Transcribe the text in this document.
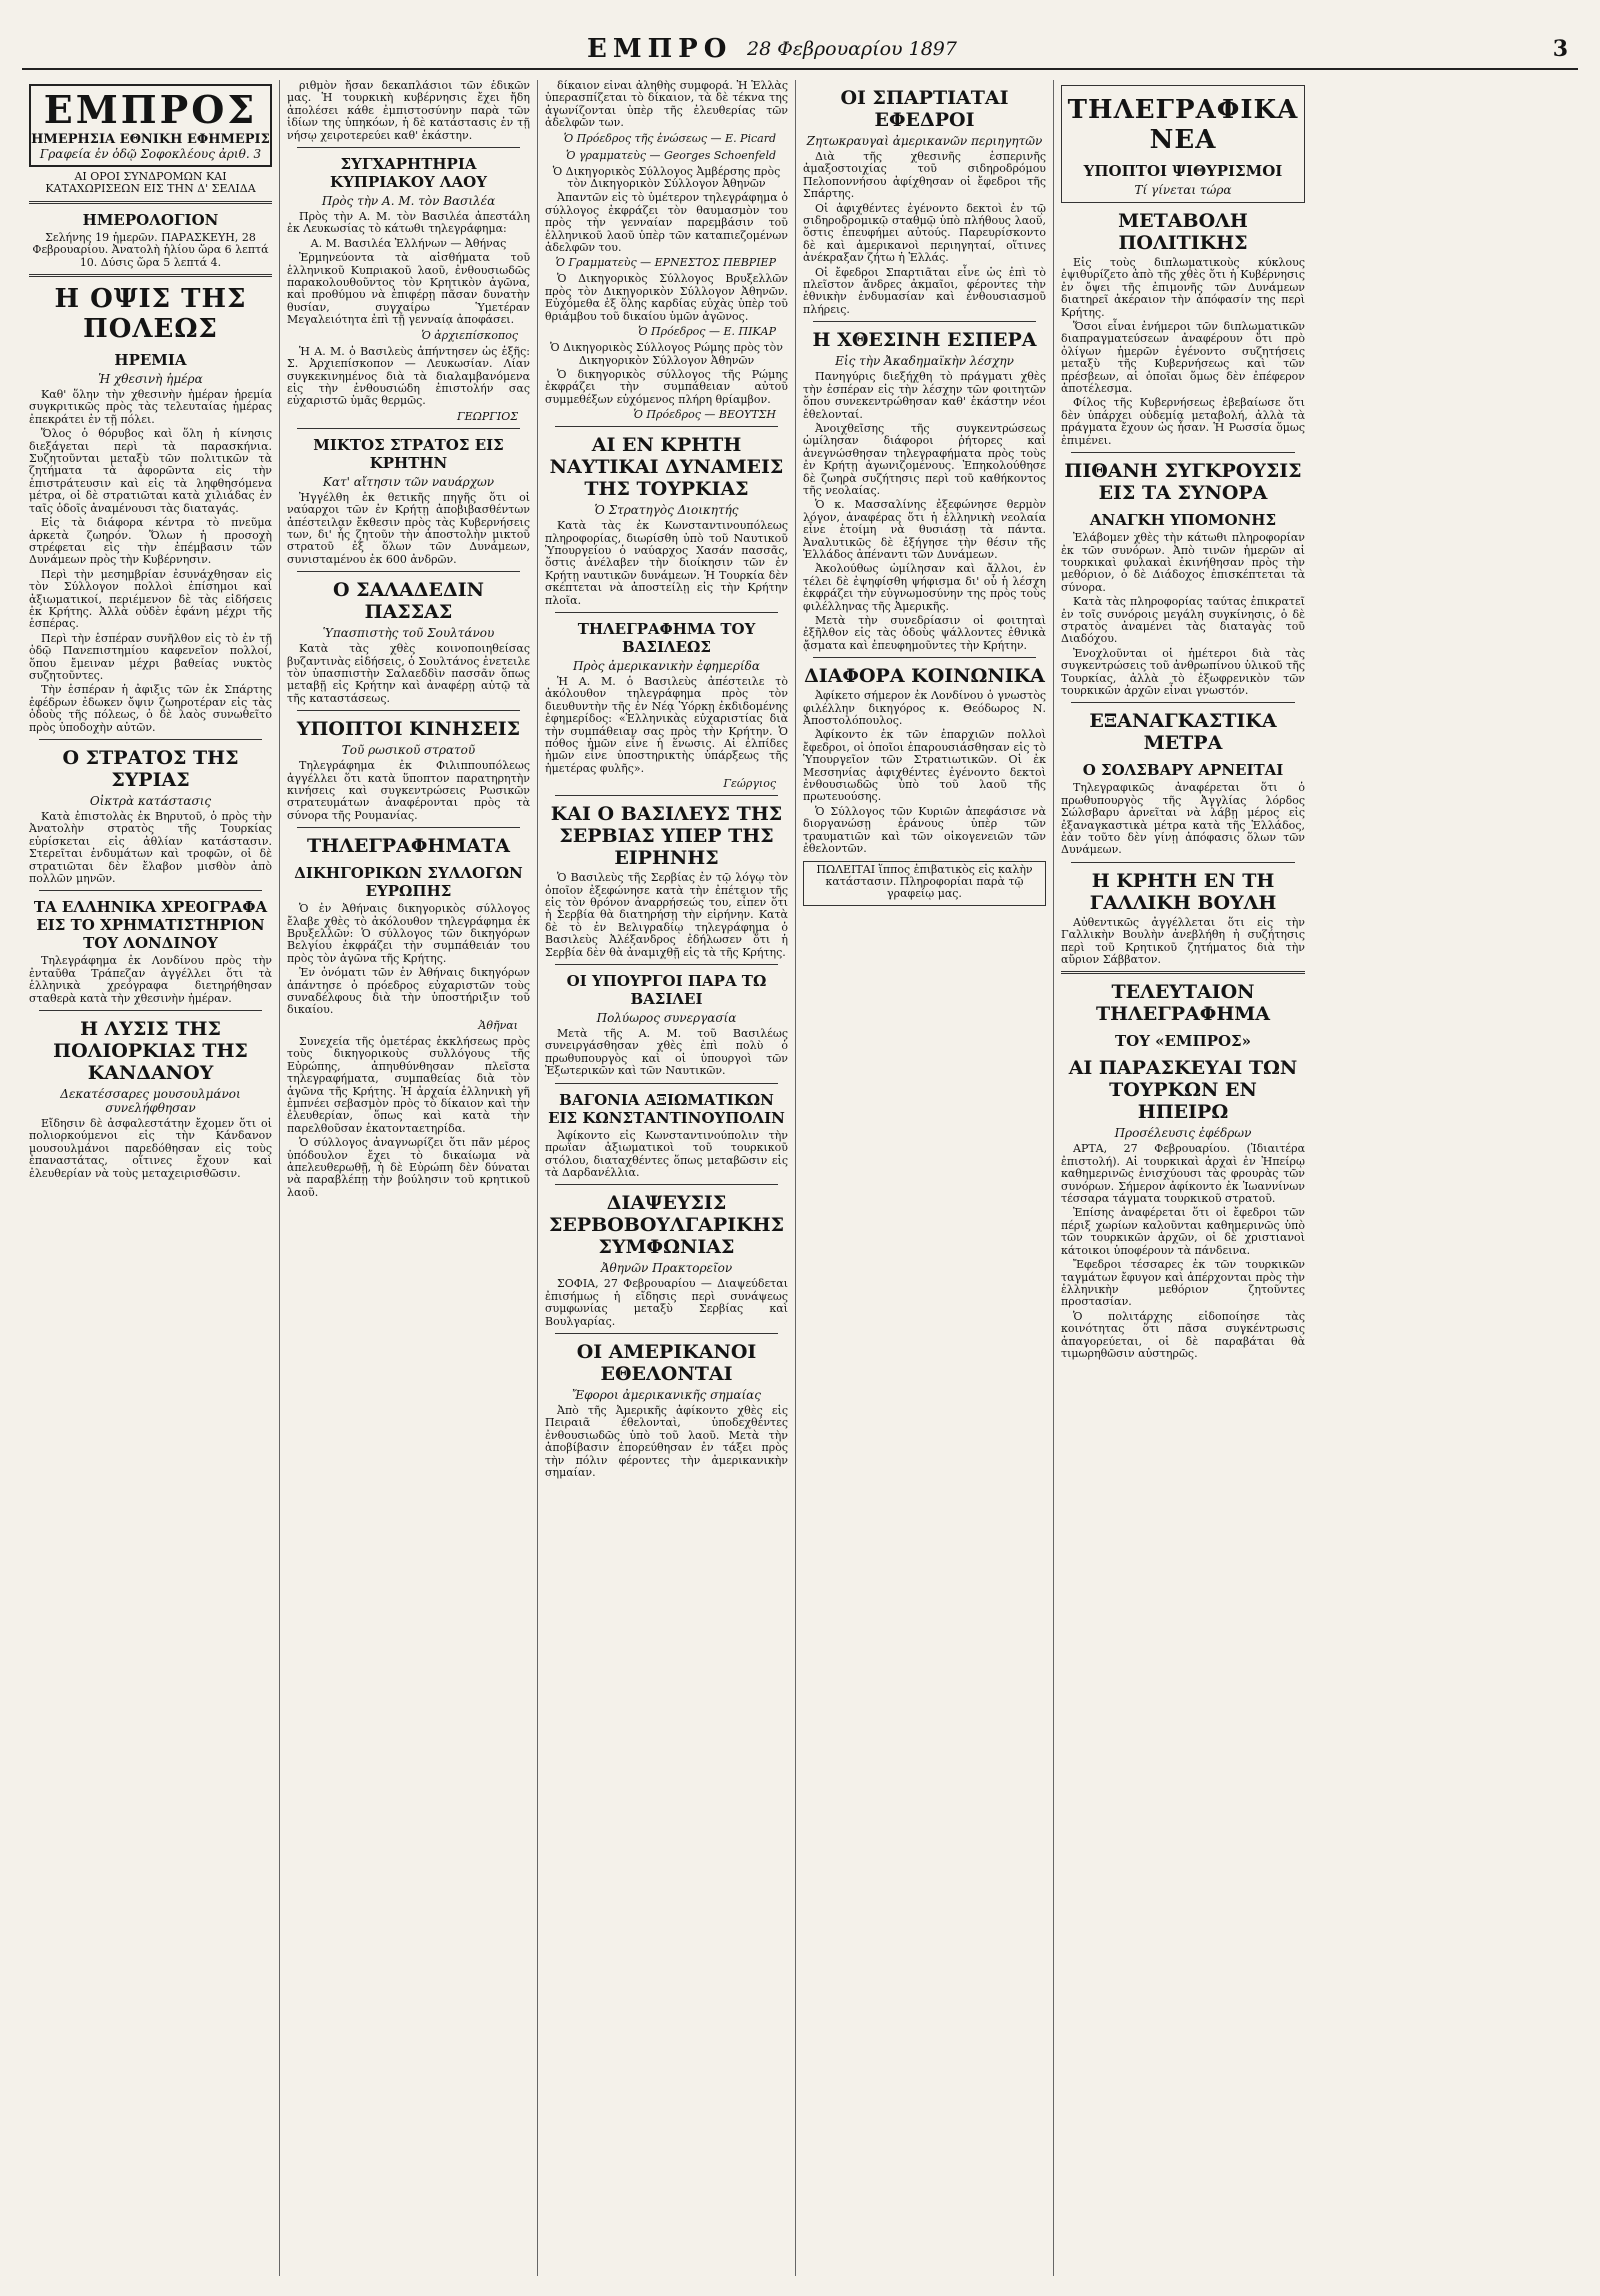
ΕΜΠΡΟ 28 Φεβρουαρίου 1897	3
ΕΜΠΡΟΣ
ΗΜΕΡΗΣΙΑ ΕΘΝΙΚΗ ΕΦΗΜΕΡΙΣ
Γραφεία ἐν ὁδῷ Σοφοκλέους ἀριθ. 3

ΑΙ ΟΡΟΙ ΣΥΝΔΡΟΜΩΝ ΚΑΙ ΚΑΤΑΧΩΡΙΣΕΩΝ ΕΙΣ ΤΗΝ Δ' ΣΕΛΙΔΑ

ΗΜΕΡΟΛΟΓΙΟΝ

Σελήνης 19 ἡμερῶν. ΠΑΡΑΣΚΕΥΗ, 28 Φεβρουαρίου. Ἀνατολὴ ἡλίου ὥρα 6 λεπτά 10. Δύσις ὥρα 5 λεπτά 4.

Η ΟΨΙΣ ΤΗΣ ΠΟΛΕΩΣ
ΗΡΕΜΙΑ
Ἡ χθεσινὴ ἡμέρα

Καθ' ὅλην τὴν χθεσινὴν ἡμέραν ἠρεμία συγκριτικῶς πρὸς τὰς τελευταίας ἡμέρας ἐπεκράτει ἐν τῇ πόλει.

Ὅλος ὁ θόρυβος καὶ ὅλη ἡ κίνησις διεξάγεται περὶ τὰ παρασκήνια. Συζητοῦνται μεταξὺ τῶν πολιτικῶν τὰ ζητήματα τὰ ἀφορῶντα εἰς τὴν ἐπιστράτευσιν καὶ εἰς τὰ ληφθησόμενα μέτρα, οἱ δὲ στρατιῶται κατὰ χιλιάδας ἐν ταῖς ὁδοῖς ἀναμένουσι τὰς διαταγάς.

Εἰς τὰ διάφορα κέντρα τὸ πνεῦμα ἀρκετὰ ζωηρόν. Ὅλων ἡ προσοχὴ στρέφεται εἰς τὴν ἐπέμβασιν τῶν Δυνάμεων πρὸς τὴν Κυβέρνησιν.

Περὶ τὴν μεσημβρίαν ἐσυνάχθησαν εἰς τὸν Σύλλογον πολλοὶ ἐπίσημοι καὶ ἀξιωματικοί, περιέμενον δὲ τὰς εἰδήσεις ἐκ Κρήτης. Ἀλλὰ οὐδὲν ἐφάνη μέχρι τῆς ἑσπέρας.

Περὶ τὴν ἑσπέραν συνῆλθον εἰς τὸ ἐν τῇ ὁδῷ Πανεπιστημίου καφενεῖον πολλοί, ὅπου ἔμειναν μέχρι βαθείας νυκτὸς συζητοῦντες.

Τὴν ἑσπέραν ἡ ἀφιξις τῶν ἐκ Σπάρτης ἐφέδρων ἐδωκεν ὄψιν ζωηροτέραν εἰς τὰς ὁδοὺς τῆς πόλεως, ὁ δὲ λαὸς συνωθεῖτο πρὸς ὑποδοχὴν αὐτῶν.

Ο ΣΤΡΑΤΟΣ ΤΗΣ ΣΥΡΙΑΣ
Οἰκτρὰ κατάστασις

Κατὰ ἐπιστολὰς ἐκ Βηρυτοῦ, ὁ πρὸς τὴν Ἀνατολὴν στρατὸς τῆς Τουρκίας εὑρίσκεται εἰς ἀθλίαν κατάστασιν. Στερεῖται ἐνδυμάτων καὶ τροφῶν, οἱ δὲ στρατιῶται δὲν ἔλαβον μισθὸν ἀπὸ πολλῶν μηνῶν.

ΤΑ ΕΛΛΗΝΙΚΑ ΧΡΕΟΓΡΑΦΑ ΕΙΣ ΤΟ ΧΡΗΜΑΤΙΣΤΗΡΙΟΝ ΤΟΥ ΛΟΝΔΙΝΟΥ

Τηλεγράφημα ἐκ Λονδίνου πρὸς τὴν ἐνταῦθα Τράπεζαν ἀγγέλλει ὅτι τὰ ἑλληνικὰ χρεόγραφα διετηρήθησαν σταθερὰ κατὰ τὴν χθεσινὴν ἡμέραν.

Η ΛΥΣΙΣ ΤΗΣ ΠΟΛΙΟΡΚΙΑΣ ΤΗΣ ΚΑΝΔΑΝΟΥ
Δεκατέσσαρες μουσουλμάνοι συνελήφθησαν

Εἴδησιν δὲ ἀσφαλεστάτην ἔχομεν ὅτι οἱ πολιορκούμενοι εἰς τὴν Κάνδανον μουσουλμάνοι παρεδόθησαν εἰς τοὺς ἐπαναστάτας, οἵτινες ἔχουν καὶ ἐλευθερίαν νὰ τοὺς μεταχειρισθῶσιν.

ριθμὸν ἤσαν δεκαπλάσιοι τῶν ἐδικῶν μας. Ἡ τουρκικὴ κυβέρνησις ἔχει ἤδη ἀπολέσει κάθε ἐμπιστοσύνην παρὰ τῶν ἰδίων της ὑπηκόων, ἡ δὲ κατάστασις ἐν τῇ νήσῳ χειροτερεύει καθ' ἑκάστην.

ΣΥΓΧΑΡΗΤΗΡΙΑ ΚΥΠΡΙΑΚΟΥ ΛΑΟΥ
Πρὸς τὴν Α. Μ. τὸν Βασιλέα

Πρὸς τὴν Α. Μ. τὸν Βασιλέα ἀπεστάλη ἐκ Λευκωσίας τὸ κάτωθι τηλεγράφημα:

Α. Μ. Βασιλέα Ἑλλήνων — Ἀθήνας

Ἐρμηνεύοντα τὰ αἰσθήματα τοῦ ἑλληνικοῦ Κυπριακοῦ λαοῦ, ἐνθουσιωδῶς παρακολουθοῦντος τὸν Κρητικὸν ἀγῶνα, καὶ προθύμου νὰ ἐπιφέρῃ πᾶσαν δυνατὴν θυσίαν, συγχαίρω Ὑμετέραν Μεγαλειότητα ἐπὶ τῇ γενναίᾳ ἀποφάσει.

Ὁ ἀρχιεπίσκοπος

Ἡ Α. Μ. ὁ Βασιλεὺς ἀπήντησεν ὡς ἑξῆς: Σ. Ἀρχιεπίσκοπον — Λευκωσίαν. Λίαν συγκεκινημένος διὰ τὰ διαλαμβανόμενα εἰς τὴν ἐνθουσιώδη ἐπιστολήν σας εὐχαριστῶ ὑμᾶς θερμῶς.

ΓΕΩΡΓΙΟΣ
ΜΙΚΤΟΣ ΣΤΡΑΤΟΣ ΕΙΣ ΚΡΗΤΗΝ
Κατ' αἴτησιν τῶν ναυάρχων

Ἠγγέλθη ἐκ θετικῆς πηγῆς ὅτι οἱ ναύαρχοι τῶν ἐν Κρήτῃ ἀποβιβασθέντων ἀπέστειλαν ἔκθεσιν πρὸς τὰς Κυβερνήσεις των, δι' ἧς ζητοῦν τὴν ἀποστολὴν μικτοῦ στρατοῦ ἐξ ὅλων τῶν Δυνάμεων, συνισταμένου ἐκ 600 ἀνδρῶν.

Ο ΣΑΛΑΔΕΔΙΝ ΠΑΣΣΑΣ
Ὑπασπιστὴς τοῦ Σουλτάνου

Κατὰ τὰς χθὲς κοινοποιηθείσας βυζαντινὰς εἰδήσεις, ὁ Σουλτάνος ἐνετειλε τὸν ὑπασπιστὴν Σαλαεδδὶν πασσᾶν ὅπως μεταβῇ εἰς Κρήτην καὶ ἀναφέρῃ αὐτῷ τὰ τῆς καταστάσεως.

ΥΠΟΠΤΟΙ ΚΙΝΗΣΕΙΣ
Τοῦ ρωσικοῦ στρατοῦ

Τηλεγράφημα ἐκ Φιλιππουπόλεως ἀγγέλλει ὅτι κατὰ ὕποπτον παρατηρητὴν κινήσεις καὶ συγκεντρώσεις Ρωσικῶν στρατευμάτων ἀναφέρονται πρὸς τὰ σύνορα τῆς Ρουμανίας.

ΤΗΛΕΓΡΑΦΗΜΑΤΑ
ΔΙΚΗΓΟΡΙΚΩΝ ΣΥΛΛΟΓΩΝ ΕΥΡΩΠΗΣ

Ὁ ἐν Ἀθήναις δικηγορικὸς σύλλογος ἔλαβε χθὲς τὸ ἀκόλουθον τηλεγράφημα ἐκ Βρυξελλῶν: Ὁ σύλλογος τῶν δικηγόρων Βελγίου ἐκφράζει τὴν συμπάθειάν του πρὸς τὸν ἀγῶνα τῆς Κρήτης.

Ἐν ὀνόματι τῶν ἐν Ἀθήναις δικηγόρων ἀπάντησε ὁ πρόεδρος εὐχαριστῶν τοὺς συναδέλφους διὰ τὴν ὑποστήριξιν τοῦ δικαίου.

Ἀθῆναι

Συνεχεία τῆς ὁμετέρας ἐκκλήσεως πρὸς τοὺς δικηγορικοὺς συλλόγους τῆς Εὐρώπης, ἀπηυθύνθησαν πλεῖστα τηλεγραφήματα, συμπαθείας διὰ τὸν ἀγῶνα τῆς Κρήτης. Ἡ ἀρχαία ἑλληνικὴ γῆ ἐμπνέει σεβασμὸν πρὸς τὸ δίκαιον καὶ τὴν ἐλευθερίαν, ὅπως καὶ κατὰ τὴν παρελθοῦσαν ἑκατονταετηρίδα.

Ὁ σύλλογος ἀναγνωρίζει ὅτι πᾶν μέρος ὑπόδουλον ἔχει τὸ δικαίωμα νὰ ἀπελευθερωθῇ, ἡ δὲ Εὐρώπη δὲν δύναται νὰ παραβλέπῃ τὴν βούλησιν τοῦ κρητικοῦ λαοῦ.

δίκαιον εἶναι ἀληθὴς συμφορά. Ἡ Ἑλλὰς ὑπερασπίζεται τὸ δίκαιον, τὰ δὲ τέκνα της ἀγωνίζονται ὑπὲρ τῆς ἐλευθερίας τῶν ἀδελφῶν των.

Ὁ Πρόεδρος τῆς ἑνώσεως — E. Picard
Ὁ γραμματεὺς — Georges Schoenfeld

Ὁ Δικηγορικὸς Σύλλογος Ἀμβέρσης πρὸς τὸν Δικηγορικὸν Σύλλογον Ἀθηνῶν

Ἀπαντῶν εἰς τὸ ὑμέτερον τηλεγράφημα ὁ σύλλογος ἐκφράζει τὸν θαυμασμὸν του πρὸς τὴν γενναίαν παρεμβάσιν τοῦ ἑλληνικοῦ λαοῦ ὑπὲρ τῶν καταπιεζομένων ἀδελφῶν του.

Ὁ Γραμματεὺς — ΕΡΝΕΣΤΟΣ ΠΕΒΡΙΕΡ

Ὁ Δικηγορικὸς Σύλλογος Βρυξελλῶν πρὸς τὸν Δικηγορικὸν Σύλλογον Ἀθηνῶν. Εὐχόμεθα ἐξ ὅλης καρδίας εὐχὰς ὑπὲρ τοῦ θριάμβου τοῦ δικαίου ὑμῶν ἀγῶνος.

Ὁ Πρόεδρος — Ε. ΠΙΚΑΡ

Ὁ Δικηγορικὸς Σύλλογος Ρώμης πρὸς τὸν Δικηγορικὸν Σύλλογον Ἀθηνῶν

Ὁ δικηγορικὸς σύλλογος τῆς Ρώμης ἐκφράζει τὴν συμπάθειαν αὐτοῦ συμμεθέξων εὐχόμενος πλήρη θρίαμβον.

Ὁ Πρόεδρος — ΒΕΟΥΤΣΗ
ΑΙ ΕΝ ΚΡΗΤΗ ΝΑΥΤΙΚΑΙ ΔΥΝΑΜΕΙΣ ΤΗΣ ΤΟΥΡΚΙΑΣ
Ὁ Στρατηγὸς Διοικητής

Κατὰ τὰς ἐκ Κωνσταντινουπόλεως πληροφορίας, διωρίσθη ὑπὸ τοῦ Ναυτικοῦ Ὑπουργείου ὁ ναύαρχος Χασάν πασσᾶς, ὅστις ἀνέλαβεν τὴν διοίκησιν τῶν ἐν Κρήτῃ ναυτικῶν δυνάμεων. Ἡ Τουρκία δὲν σκέπτεται νὰ ἀποστείλῃ εἰς τὴν Κρήτην πλοῖα.

ΤΗΛΕΓΡΑΦΗΜΑ ΤΟΥ ΒΑΣΙΛΕΩΣ
Πρὸς ἀμερικανικὴν ἐφημερίδα

Ἡ Α. Μ. ὁ Βασιλεὺς ἀπέστειλε τὸ ἀκόλουθον τηλεγράφημα πρὸς τὸν διευθυντὴν τῆς ἐν Νέᾳ Ὑόρκῃ ἐκδιδομένης ἐφημερίδος: «Ἑλληνικὰς εὐχαριστίας διὰ τὴν συμπάθειαν σας πρὸς τὴν Κρήτην. Ὁ πόθος ἡμῶν εἶνε ἡ ἕνωσις. Αἱ ἐλπίδες ἡμῶν εἶνε ὑποστηρικτὴς ὑπάρξεως τῆς ἡμετέρας φυλῆς».

Γεώργιος
ΚΑΙ Ο ΒΑΣΙΛΕΥΣ ΤΗΣ ΣΕΡΒΙΑΣ ΥΠΕΡ ΤΗΣ ΕΙΡΗΝΗΣ

Ὁ Βασιλεὺς τῆς Σερβίας ἐν τῷ λόγῳ τὸν ὁποῖον ἐξεφώνησε κατὰ τὴν ἐπέτειον τῆς εἰς τὸν θρόνον ἀναρρήσεώς του, εἶπεν ὅτι ἡ Σερβία θὰ διατηρήσῃ τὴν εἰρήνην. Κατὰ δὲ τὸ ἐν Βελιγραδίῳ τηλεγράφημα ὁ Βασιλεὺς Ἀλέξανδρος ἐδήλωσεν ὅτι ἡ Σερβία δὲν θὰ ἀναμιχθῇ εἰς τὰ τῆς Κρήτης.

ΟΙ ΥΠΟΥΡΓΟΙ ΠΑΡΑ ΤΩ ΒΑΣΙΛΕΙ
Πολύωρος συνεργασία

Μετὰ τῆς Α. Μ. τοῦ Βασιλέως συνειργάσθησαν χθὲς ἐπὶ πολὺ ὁ πρωθυπουργὸς καὶ οἱ ὑπουργοὶ τῶν Ἐξωτερικῶν καὶ τῶν Ναυτικῶν.

ΒΑΓΟΝΙΑ ΑΞΙΩΜΑΤΙΚΩΝ ΕΙΣ ΚΩΝΣΤΑΝΤΙΝΟΥΠΟΛΙΝ

Ἀφίκοντο εἰς Κωνσταντινούπολιν τὴν πρωΐαν ἀξιωματικοὶ τοῦ τουρκικοῦ στόλου, διαταχθέντες ὅπως μεταβῶσιν εἰς τὰ Δαρδανέλλια.

ΔΙΑΨΕΥΣΙΣ ΣΕΡΒΟΒΟΥΛΓΑΡΙΚΗΣ ΣΥΜΦΩΝΙΑΣ
Ἀθηνῶν Πρακτορεῖον

ΣΟΦΙΑ, 27 Φεβρουαρίου — Διαψεύδεται ἐπισήμως ἡ εἴδησις περὶ συνάψεως συμφωνίας μεταξὺ Σερβίας καὶ Βουλγαρίας.

ΟΙ ΑΜΕΡΙΚΑΝΟΙ ΕΘΕΛΟΝΤΑΙ
Ἔφοροι ἀμερικανικῆς σημαίας

Ἀπὸ τῆς Ἀμερικῆς ἀφίκοντο χθὲς εἰς Πειραιᾶ ἐθελονταὶ, ὑποδεχθέντες ἐνθουσιωδῶς ὑπὸ τοῦ λαοῦ. Μετὰ τὴν ἀποβίβασιν ἐπορεύθησαν ἐν τάξει πρὸς τὴν πόλιν φέροντες τὴν ἀμερικανικὴν σημαίαν.

ΟΙ ΣΠΑΡΤΙΑΤΑΙ ΕΦΕΔΡΟΙ
Ζητωκραυγαὶ ἀμερικανῶν περιηγητῶν

Διὰ τῆς χθεσινῆς ἑσπερινῆς ἀμαξοστοιχίας τοῦ σιδηροδρόμου Πελοποννήσου ἀφίχθησαν οἱ ἔφεδροι τῆς Σπάρτης.

Οἱ ἀφιχθέντες ἐγένοντο δεκτοὶ ἐν τῷ σιδηροδρομικῷ σταθμῷ ὑπὸ πλήθους λαοῦ, ὅστις ἐπευφήμει αὐτούς. Παρευρίσκοντο δὲ καὶ ἀμερικανοὶ περιηγηταί, οἵτινες ἀνέκραξαν ζήτω ἡ Ἑλλάς.

Οἱ ἔφεδροι Σπαρτιᾶται εἶνε ὡς ἐπὶ τὸ πλεῖστον ἄνδρες ἀκμαῖοι, φέροντες τὴν ἐθνικὴν ἐνδυμασίαν καὶ ἐνθουσιασμοῦ πλήρεις.

Η ΧΘΕΣΙΝΗ ΕΣΠΕΡΑ
Εἰς τὴν Ἀκαδημαϊκὴν λέσχην

Πανηγύρις διεξήχθη τὸ πράγματι χθὲς τὴν ἑσπέραν εἰς τὴν λέσχην τῶν φοιτητῶν ὅπου συνεκεντρώθησαν καθ' ἑκάστην νέοι ἐθελονταί.

Ἀνοιχθεῖσης τῆς συγκεντρώσεως ὡμίλησαν διάφοροι ῥήτορες καὶ ἀνεγνώσθησαν τηλεγραφήματα πρὸς τοὺς ἐν Κρήτῃ ἀγωνιζομένους. Ἐπηκολούθησε δὲ ζωηρὰ συζήτησις περὶ τοῦ καθήκοντος τῆς νεολαίας.

Ὁ κ. Μασσαλίνης ἐξεφώνησε θερμὸν λόγον, ἀναφέρας ὅτι ἡ ἑλληνικὴ νεολαία εἶνε ἑτοίμη νὰ θυσιάσῃ τὰ πάντα. Ἀναλυτικῶς δὲ ἐξήγησε τὴν θέσιν τῆς Ἑλλάδος ἀπέναντι τῶν Δυνάμεων.

Ἀκολούθως ὡμίλησαν καὶ ἄλλοι, ἐν τέλει δὲ ἐψηφίσθη ψήφισμα δι' οὗ ἡ λέσχη ἐκφράζει τὴν εὐγνωμοσύνην της πρὸς τοὺς φιλέλληνας τῆς Ἀμερικῆς.

Μετὰ τὴν συνεδρίασιν οἱ φοιτηταὶ ἐξῆλθον εἰς τὰς ὁδοὺς ψάλλοντες ἐθνικὰ ᾄσματα καὶ ἐπευφημοῦντες τὴν Κρήτην.

ΔΙΑΦΟΡΑ ΚΟΙΝΩΝΙΚΑ

Ἀφίκετο σήμερον ἐκ Λονδίνου ὁ γνωστὸς φιλέλλην δικηγόρος κ. Θεόδωρος Ν. Ἀποστολόπουλος.

Ἀφίκοντο ἐκ τῶν ἐπαρχιῶν πολλοὶ ἔφεδροι, οἱ ὁποῖοι ἐπαρουσιάσθησαν εἰς τὸ Ὑπουργεῖον τῶν Στρατιωτικῶν. Οἱ ἐκ Μεσσηνίας ἀφιχθέντες ἐγένοντο δεκτοὶ ἐνθουσιωδῶς ὑπὸ τοῦ λαοῦ τῆς πρωτευούσης.

Ὁ Σύλλογος τῶν Κυριῶν ἀπεφάσισε νὰ διοργανώσῃ ἐράνους ὑπὲρ τῶν τραυματιῶν καὶ τῶν οἰκογενειῶν τῶν ἐθελοντῶν.

ΠΩΛΕΙΤΑΙ ἵππος ἐπιβατικὸς εἰς καλὴν κατάστασιν. Πληροφορίαι παρὰ τῷ γραφείῳ μας.

ΤΗΛΕΓΡΑΦΙΚΑ ΝΕΑ
ΥΠΟΠΤΟΙ ΨΙΘΥΡΙΣΜΟΙ
Τί γίνεται τώρα
ΜΕΤΑΒΟΛΗ ΠΟΛΙΤΙΚΗΣ

Εἰς τοὺς διπλωματικοὺς κύκλους ἐψιθυρίζετο ἀπὸ τῆς χθὲς ὅτι ἡ Κυβέρνησις ἐν ὄψει τῆς ἐπιμονῆς τῶν Δυνάμεων διατηρεῖ ἀκέραιον τὴν ἀπόφασίν της περὶ Κρήτης.

Ὅσοι εἶναι ἐνήμεροι τῶν διπλωματικῶν διαπραγματεύσεων ἀναφέρουν ὅτι πρὸ ὀλίγων ἡμερῶν ἐγένοντο συζητήσεις μεταξὺ τῆς Κυβερνήσεως καὶ τῶν πρέσβεων, αἱ ὁποῖαι ὅμως δὲν ἐπέφερον ἀποτέλεσμα.

Φίλος τῆς Κυβερνήσεως ἐβεβαίωσε ὅτι δὲν ὑπάρχει οὐδεμία μεταβολή, ἀλλὰ τὰ πράγματα ἔχουν ὡς ἦσαν. Ἡ Ρωσσία ὅμως ἐπιμένει.

ΠΙΘΑΝΗ ΣΥΓΚΡΟΥΣΙΣ ΕΙΣ ΤΑ ΣΥΝΟΡΑ
ΑΝΑΓΚΗ ΥΠΟΜΟΝΗΣ

Ἐλάβομεν χθὲς τὴν κάτωθι πληροφορίαν ἐκ τῶν συνόρων. Ἀπὸ τινῶν ἡμερῶν αἱ τουρκικαὶ φυλακαὶ ἐκινήθησαν πρὸς τὴν μεθόριον, ὁ δὲ Διάδοχος ἐπισκέπτεται τὰ σύνορα.

Κατὰ τὰς πληροφορίας ταύτας ἐπικρατεῖ ἐν τοῖς συνόροις μεγάλη συγκίνησις, ὁ δὲ στρατὸς ἀναμένει τὰς διαταγὰς τοῦ Διαδόχου.

Ἐνοχλοῦνται οἱ ἡμέτεροι διὰ τὰς συγκεντρώσεις τοῦ ἀνθρωπίνου ὑλικοῦ τῆς Τουρκίας, ἀλλὰ τὸ ἐξωφρενικὸν τῶν τουρκικῶν ἀρχῶν εἶναι γνωστόν.

ΕΞΑΝΑΓΚΑΣΤΙΚΑ ΜΕΤΡΑ
Ο ΣΟΛΣΒΑΡΥ ΑΡΝΕΙΤΑΙ

Τηλεγραφικῶς ἀναφέρεται ὅτι ὁ πρωθυπουργὸς τῆς Ἀγγλίας λόρδος Σώλσβαρυ ἀρνεῖται νὰ λάβῃ μέρος εἰς ἐξαναγκαστικὰ μέτρα κατὰ τῆς Ἑλλάδος, ἐὰν τοῦτο δὲν γίνῃ ἀπόφασις ὅλων τῶν Δυνάμεων.

Η ΚΡΗΤΗ ΕΝ ΤΗ ΓΑΛΛΙΚΗ ΒΟΥΛΗ

Αὐθεντικῶς ἀγγέλλεται ὅτι εἰς τὴν Γαλλικὴν Βουλὴν ἀνεβλήθη ἡ συζήτησις περὶ τοῦ Κρητικοῦ ζητήματος διὰ τὴν αὔριον Σάββατον.

ΤΕΛΕΥΤΑΙΟΝ ΤΗΛΕΓΡΑΦΗΜΑ
ΤΟΥ «ΕΜΠΡΟΣ»
ΑΙ ΠΑΡΑΣΚΕΥΑΙ ΤΩΝ ΤΟΥΡΚΩΝ ΕΝ ΗΠΕΙΡΩ
Προσέλευσις ἐφέδρων

ΑΡΤΑ, 27 Φεβρουαρίου. (Ἰδιαιτέρα ἐπιστολή). Αἱ τουρκικαὶ ἀρχαὶ ἐν Ἠπείρῳ καθημερινῶς ἐνισχύουσι τὰς φρουρὰς τῶν συνόρων. Σήμερον ἀφίκοντο ἐκ Ἰωαννίνων τέσσαρα τάγματα τουρκικοῦ στρατοῦ.

Ἐπίσης ἀναφέρεται ὅτι οἱ ἔφεδροι τῶν πέριξ χωρίων καλοῦνται καθημερινῶς ὑπὸ τῶν τουρκικῶν ἀρχῶν, οἱ δὲ χριστιανοὶ κάτοικοι ὑποφέρουν τὰ πάνδεινα.

Ἔφεδροι τέσσαρες ἐκ τῶν τουρκικῶν ταγμάτων ἔφυγον καὶ ἀπέρχονται πρὸς τὴν ἑλληνικὴν μεθόριον ζητοῦντες προστασίαν.

Ὁ πολιτάρχης εἰδοποίησε τὰς κοινότητας ὅτι πᾶσα συγκέντρωσις ἀπαγορεύεται, οἱ δὲ παραβάται θὰ τιμωρηθῶσιν αὐστηρῶς.
